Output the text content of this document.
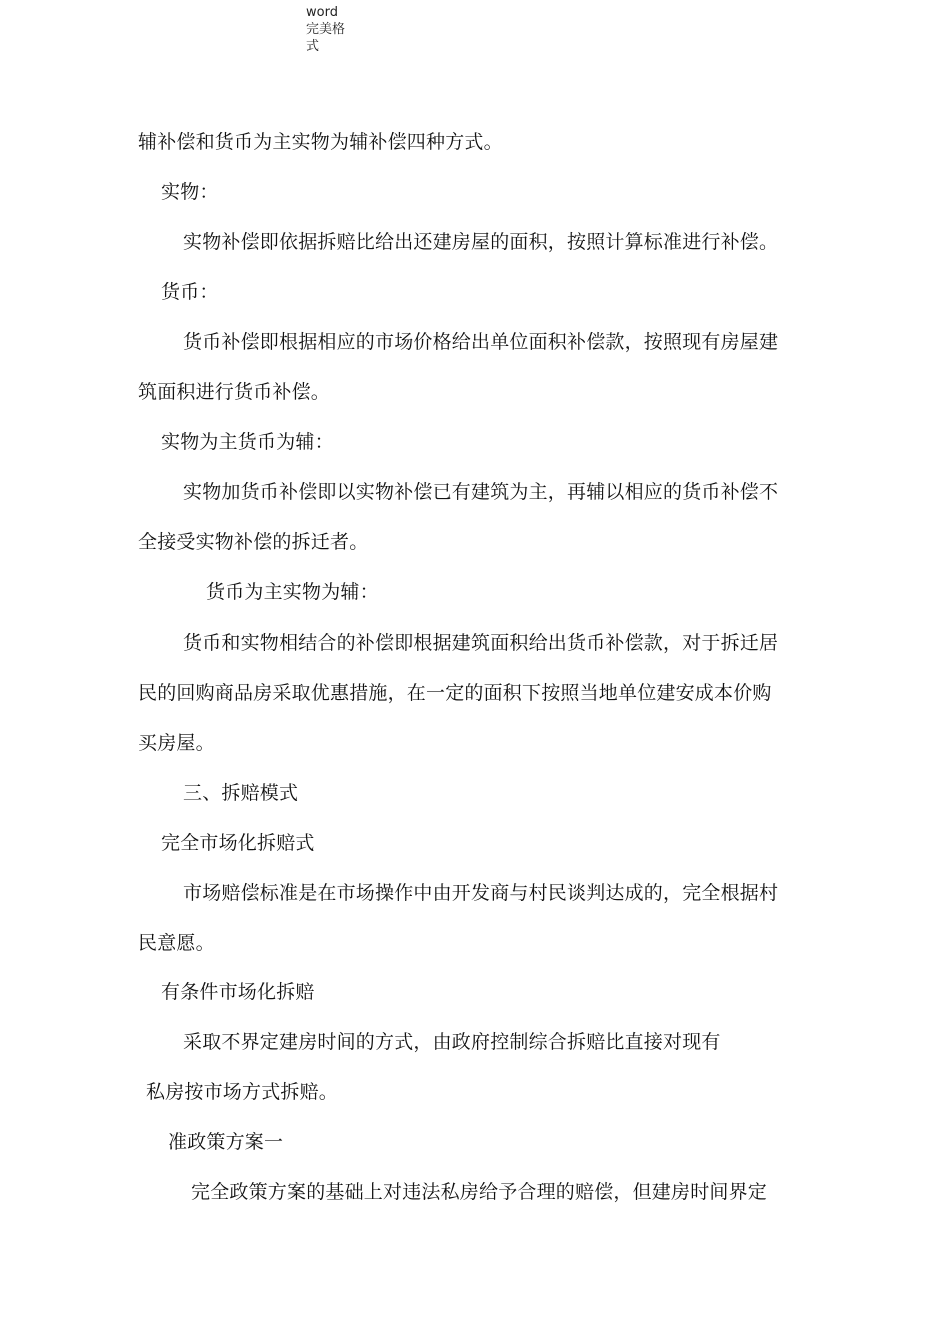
word
完美格
式
辅补偿和货币为主实物为辅补偿四种方式。
实物：
实物补偿即依据拆赔比给出还建房屋的面积，按照计算标准进行补偿。
货币：
货币补偿即根据相应的市场价格给出单位面积补偿款，按照现有房屋建
筑面积进行货币补偿。
实物为主货币为辅：
实物加货币补偿即以实物补偿已有建筑为主，再辅以相应的货币补偿不
全接受实物补偿的拆迁者。
货币为主实物为辅：
货币和实物相结合的补偿即根据建筑面积给出货币补偿款，对于拆迁居
民的回购商品房采取优惠措施，在一定的面积下按照当地单位建安成本价购
买房屋。
三、拆赔模式
完全市场化拆赔式
市场赔偿标准是在市场操作中由开发商与村民谈判达成的，完全根据村
民意愿。
有条件市场化拆赔
采取不界定建房时间的方式，由政府控制综合拆赔比直接对现有
私房按市场方式拆赔。
准政策方案一
完全政策方案的基础上对违法私房给予合理的赔偿，但建房时间界定
